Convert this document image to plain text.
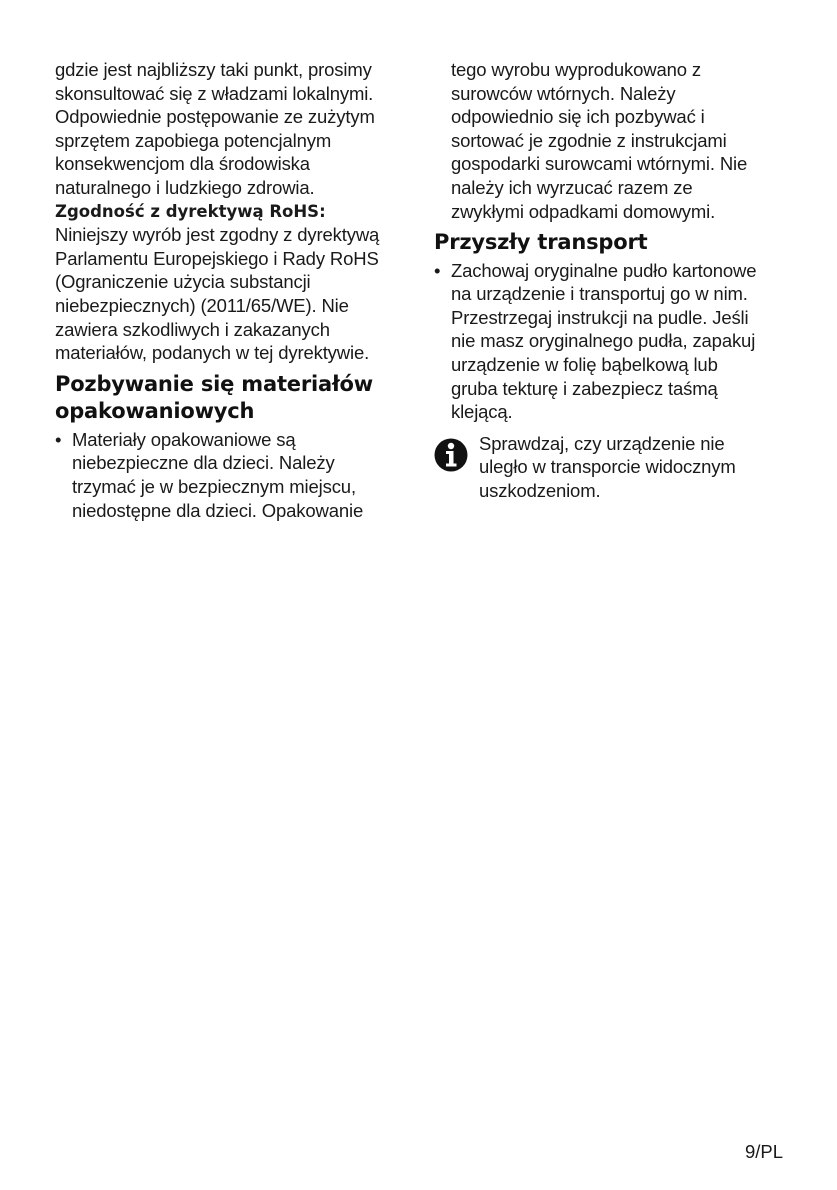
gdzie jest najbliższy taki punkt, prosimy
skonsultować się z władzami lokalnymi.
Odpowiednie postępowanie ze zużytym
sprzętem zapobiega potencjalnym
konsekwencjom dla środowiska
naturalnego i ludzkiego zdrowia.

Zgodność z dyrektywą RoHS:

Niniejszy wyrób jest zgodny z dyrektywą
Parlamentu Europejskiego i Rady RoHS
(Ograniczenie użycia substancji
niebezpiecznych) (2011/65/WE). Nie
zawiera szkodliwych i zakazanych
materiałów, podanych w tej dyrektywie.

Pozbywanie się materiałów
opakowaniowych
• Materiały opakowaniowe są
niebezpieczne dla dzieci. Należy
trzymać je w bezpiecznym miejscu,
niedostępne dla dzieci. Opakowanie
tego wyrobu wyprodukowano z
surowców wtórnych. Należy
odpowiednio się ich pozbywać i
sortować je zgodnie z instrukcjami
gospodarki surowcami wtórnymi. Nie
należy ich wyrzucać razem ze
zwykłymi odpadkami domowymi.
Przyszły transport
• Zachowaj oryginalne pudło kartonowe
na urządzenie i transportuj go w nim.
Przestrzegaj instrukcji na pudle. Jeśli
nie masz oryginalnego pudła, zapakuj
urządzenie w folię bąbelkową lub
gruba tekturę i zabezpiecz taśmą
klejącą.
Sprawdzaj, czy urządzenie nie
uległo w transporcie widocznym
uszkodzeniom.
9/PL
